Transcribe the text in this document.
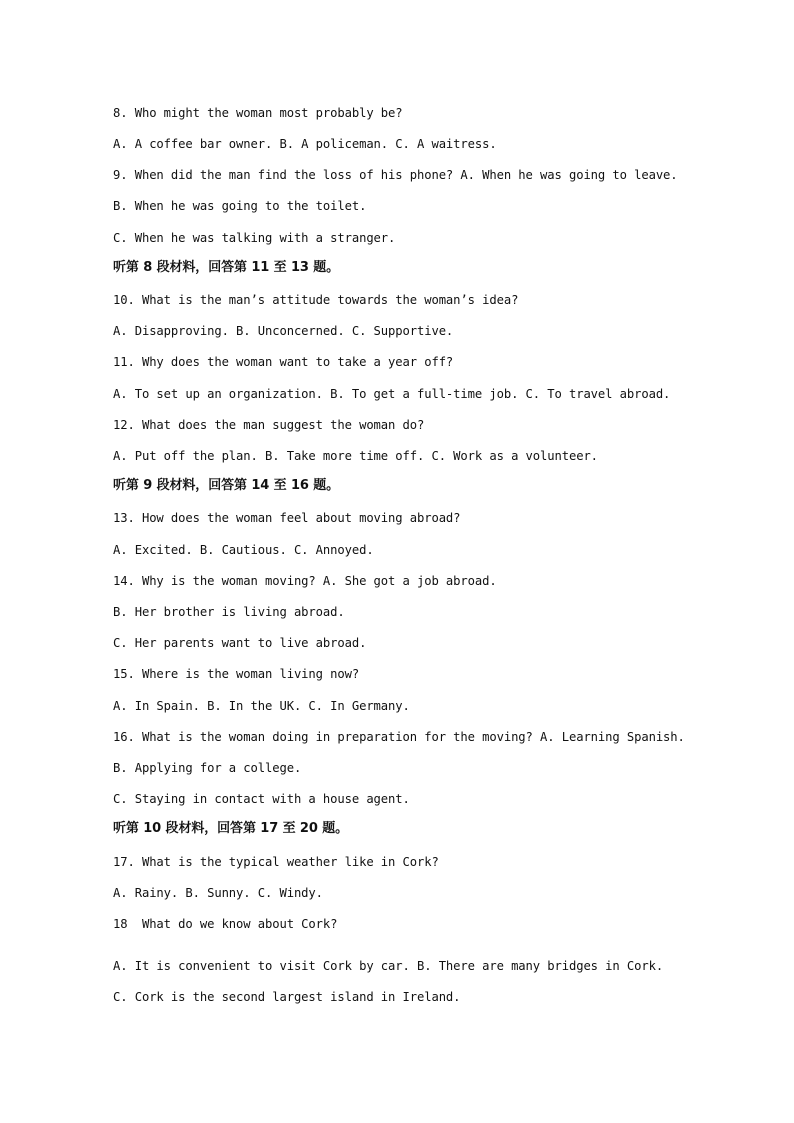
8. Who might the woman most probably be?
A. A coffee bar owner. B. A policeman. C. A waitress.
9. When did the man find the loss of his phone? A. When he was going to leave.
B. When he was going to the toilet.
C. When he was talking with a stranger.
听第 8 段材料，回答第 11 至 13 题。
10. What is the man’s attitude towards the woman’s idea?
A. Disapproving. B. Unconcerned. C. Supportive.
11. Why does the woman want to take a year off?
A. To set up an organization. B. To get a full-time job. C. To travel abroad.
12. What does the man suggest the woman do?
A. Put off the plan. B. Take more time off. C. Work as a volunteer.
听第 9 段材料，回答第 14 至 16 题。
13. How does the woman feel about moving abroad?
A. Excited. B. Cautious. C. Annoyed.
14. Why is the woman moving? A. She got a job abroad.
B. Her brother is living abroad.
C. Her parents want to live abroad.
15. Where is the woman living now?
A. In Spain. B. In the UK. C. In Germany.
16. What is the woman doing in preparation for the moving? A. Learning Spanish.
B. Applying for a college.
C. Staying in contact with a house agent.
听第 10 段材料，回答第 17 至 20 题。
17. What is the typical weather like in Cork?
A. Rainy. B. Sunny. C. Windy.
18  What do we know about Cork?
A. It is convenient to visit Cork by car. B. There are many bridges in Cork.
C. Cork is the second largest island in Ireland.
